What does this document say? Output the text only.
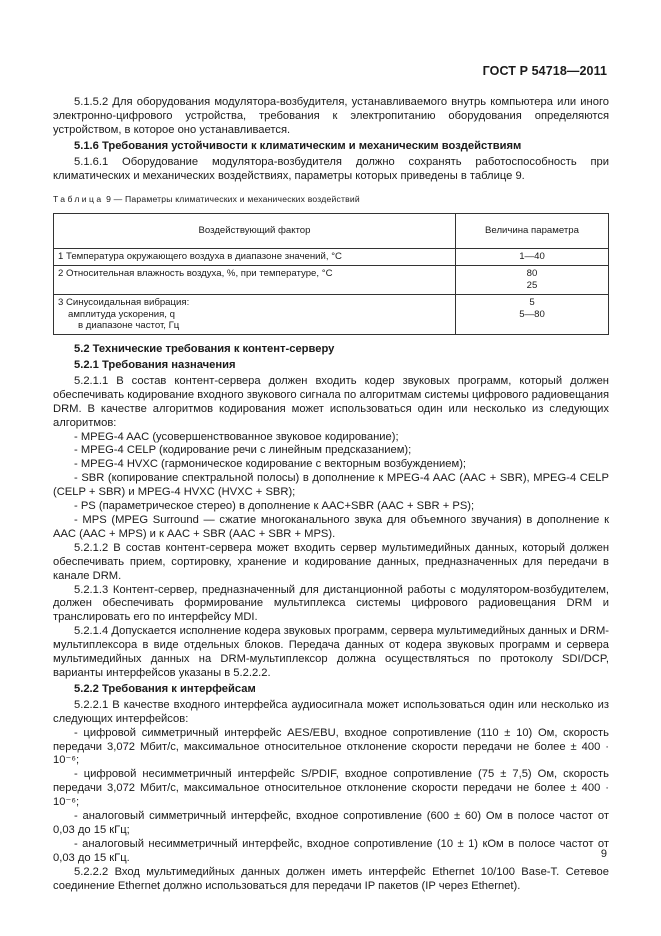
ГОСТ Р 54718—2011

5.1.5.2 Для оборудования модулятора-возбудителя, устанавливаемого внутрь компьютера или иного электронно-цифрового устройства, требования к электропитанию оборудования определяются устройством, в которое оно устанавливается.

5.1.6 Требования устойчивости к климатическим и механическим воздействиям

5.1.6.1 Оборудование модулятора-возбудителя должно сохранять работоспособность при климатических и механических воздействиях, параметры которых приведены в таблице 9.

Таблица 9 — Параметры климатических и механических воздействий
Воздействующий фактор	Величина параметра

1 Температура окружающего воздуха в диапазоне значений, °С	1—40

2 Относительная влажность воздуха, %, при температуре, °С	80
25

3 Синусоидальная вибрация:
амплитуда ускорения, q
в диапазоне частот, Гц	5
5—80

5.2 Технические требования к контент-серверу

5.2.1 Требования назначения

5.2.1.1 В состав контент-сервера должен входить кодер звуковых программ, который должен обеспечивать кодирование входного звукового сигнала по алгоритмам системы цифрового радиовещания DRM. В качестве алгоритмов кодирования может использоваться один или несколько из следующих алгоритмов:

- MPEG-4 AAC (усовершенствованное звуковое кодирование);

- MPEG-4 CELP (кодирование речи с линейным предсказанием);

- MPEG-4 HVXC (гармоническое кодирование с векторным возбуждением);

- SBR (копирование спектральной полосы) в дополнение к MPEG-4 AAC (AAC + SBR), MPEG-4 CELP (CELP + SBR) и MPEG-4 HVXC (HVXC + SBR);

- PS (параметрическое стерео) в дополнение к AAC+SBR (AAC + SBR + PS);

- MPS (MPEG Surround — сжатие многоканального звука для объемного звучания) в дополнение к AAC (AAC + MPS) и к AAC + SBR (AAC + SBR + MPS).

5.2.1.2 В состав контент-сервера может входить сервер мультимедийных данных, который должен обеспечивать прием, сортировку, хранение и кодирование данных, предназначенных для передачи в канале DRM.

5.2.1.3 Контент-сервер, предназначенный для дистанционной работы с модулятором-возбудителем, должен обеспечивать формирование мультиплекса системы цифрового радиовещания DRM и транслировать его по интерфейсу MDI.

5.2.1.4 Допускается исполнение кодера звуковых программ, сервера мультимедийных данных и DRM-мультиплексора в виде отдельных блоков. Передача данных от кодера звуковых программ и сервера мультимедийных данных на DRM-мультиплексор должна осуществляться по протоколу SDI/DCP, варианты интерфейсов указаны в 5.2.2.2.

5.2.2 Требования к интерфейсам

5.2.2.1 В качестве входного интерфейса аудиосигнала может использоваться один или несколько из следующих интерфейсов:

- цифровой симметричный интерфейс AES/EBU, входное сопротивление (110 ± 10) Ом, скорость передачи 3,072 Мбит/с, максимальное относительное отклонение скорости передачи не более ± 400 · 10⁻⁶;

- цифровой несимметричный интерфейс S/PDIF, входное сопротивление (75 ± 7,5) Ом, скорость передачи 3,072 Мбит/с, максимальное относительное отклонение скорости передачи не более ± 400 · 10⁻⁶;

- аналоговый симметричный интерфейс, входное сопротивление (600 ± 60) Ом в полосе частот от 0,03 до 15 кГц;

- аналоговый несимметричный интерфейс, входное сопротивление (10 ± 1) кОм в полосе частот от 0,03 до 15 кГц.

5.2.2.2 Вход мультимедийных данных должен иметь интерфейс Ethernet 10/100 Base-T. Сетевое соединение Ethernet должно использоваться для передачи IP пакетов (IP через Ethernet).

9
